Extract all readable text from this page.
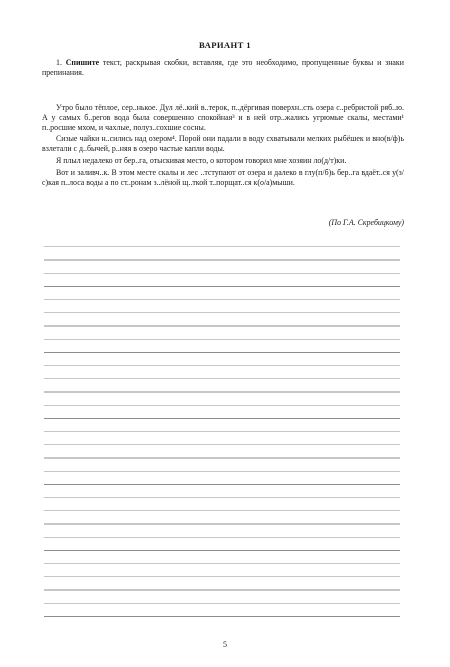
ВАРИАНТ 1
1. Спишите текст, раскрывая скобки, вставляя, где это необходимо, пропущенные буквы и знаки препинания.

Утро было тёплое, сер..нькое. Дул лё..кий в..терок, п..дёргивая поверхн..сть озера с..ребристой ряб..ю. А у самых б..регов вода была совершенно спокойная³ и в ней отр..жались угрюмые скалы, местами¹ п..росшие мхом, и чахлые, полуз..сохшие сосны.

Сизые чайки н..сились над озером⁴. Порой они падали в воду схватывали мелких рыбёшек и вно(в/ф)ь взлетали с д..бычей, р..няя в озеро частые капли воды.

Я плыл недалеко от бер..га, отыскивая место, о котором говорил мне хозяин ло(д/т)ки.

Вот и заливч..к. В этом месте скалы и лес ..тступают от озера и далеко в глу(п/б)ь бер..га вдаёт..ся у(з/с)кая п..лоса воды а по ст..ронам з..лёной щ..ткой т..порщат..ся к(о/а)мыши.

(По Г.А. Скребицкому)
5
